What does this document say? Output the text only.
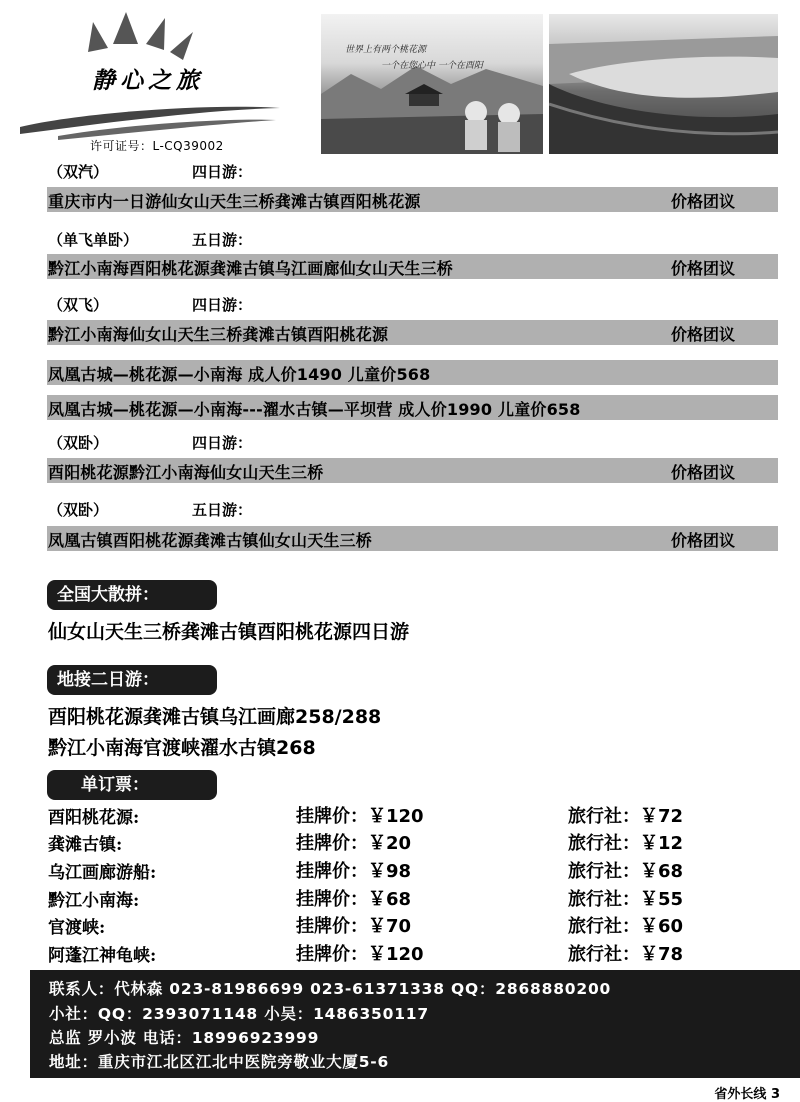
静心之旅
许可证号：L-CQ39002
世界上有两个桃花源
一个在您心中 一个在酉阳
（双汽）	四日游：
重庆市内一日游仙女山天生三桥龚滩古镇酉阳桃花源	价格团议
（单飞单卧）	五日游：
黔江小南海酉阳桃花源龚滩古镇乌江画廊仙女山天生三桥	价格团议
（双飞）	四日游：
黔江小南海仙女山天生三桥龚滩古镇酉阳桃花源	价格团议
凤凰古城—桃花源—小南海 成人价1490 儿童价568
凤凰古城—桃花源—小南海---濯水古镇—平坝营 成人价1990 儿童价658
（双卧）	四日游：
酉阳桃花源黔江小南海仙女山天生三桥	价格团议
（双卧）	五日游：
凤凰古镇酉阳桃花源龚滩古镇仙女山天生三桥	价格团议
全国大散拼：
仙女山天生三桥龚滩古镇酉阳桃花源四日游
地接二日游：
酉阳桃花源龚滩古镇乌江画廊258/288
黔江小南海官渡峡濯水古镇268
单订票：
酉阳桃花源:	挂牌价：￥120	旅行社：￥72
龚滩古镇:	挂牌价：￥20	旅行社：￥12
乌江画廊游船:	挂牌价：￥98	旅行社：￥68
黔江小南海:	挂牌价：￥68	旅行社：￥55
官渡峡:	挂牌价：￥70	旅行社：￥60
阿蓬江神龟峡:	挂牌价：￥120	旅行社：￥78
联系人：代林森 023-81986699 023-61371338 QQ：2868880200
小社：QQ：2393071148 小吴：1486350117
总监 罗小波 电话：18996923999
地址：重庆市江北区江北中医院旁敬业大厦5-6
省外长线 3
